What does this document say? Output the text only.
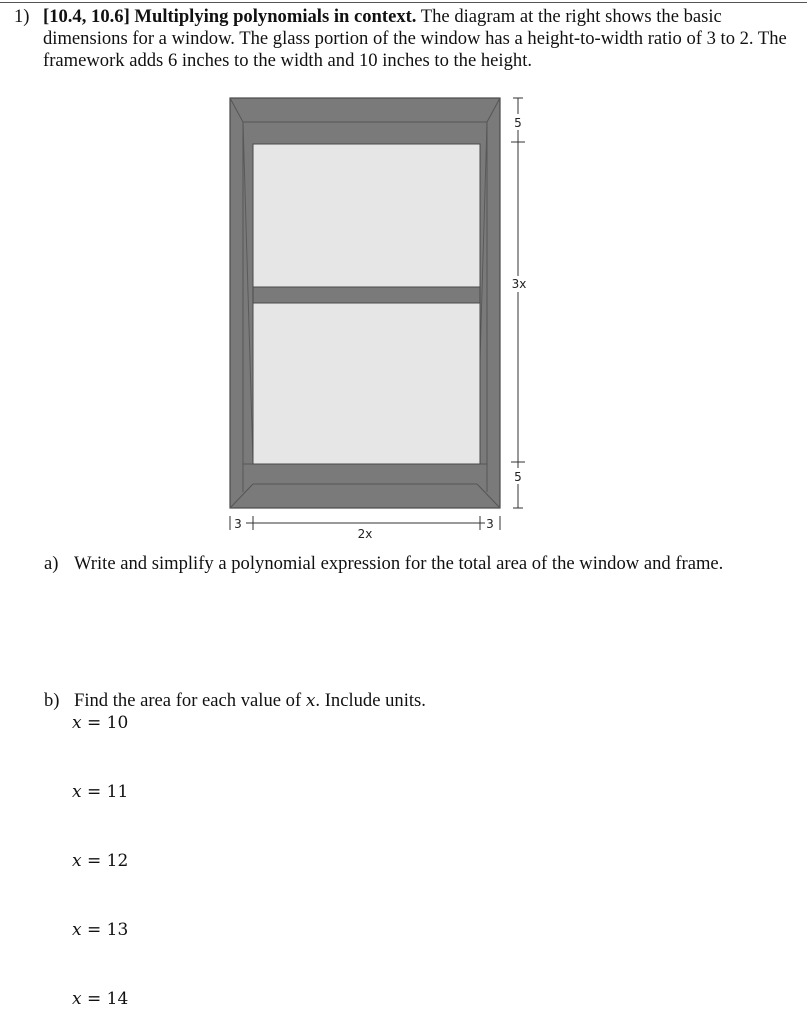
1) [10.4, 10.6] Multiplying polynomials in context. The diagram at the right shows the basic dimensions for a window. The glass portion of the window has a height-to-width ratio of 3 to 2. The framework adds 6 inches to the width and 10 inches to the height.
5
3x
5
3
2x
3
a) Write and simplify a polynomial expression for the total area of the window and frame.
b) Find the area for each value of x. Include units.
x = 10
x = 11
x = 12
x = 13
x = 14
